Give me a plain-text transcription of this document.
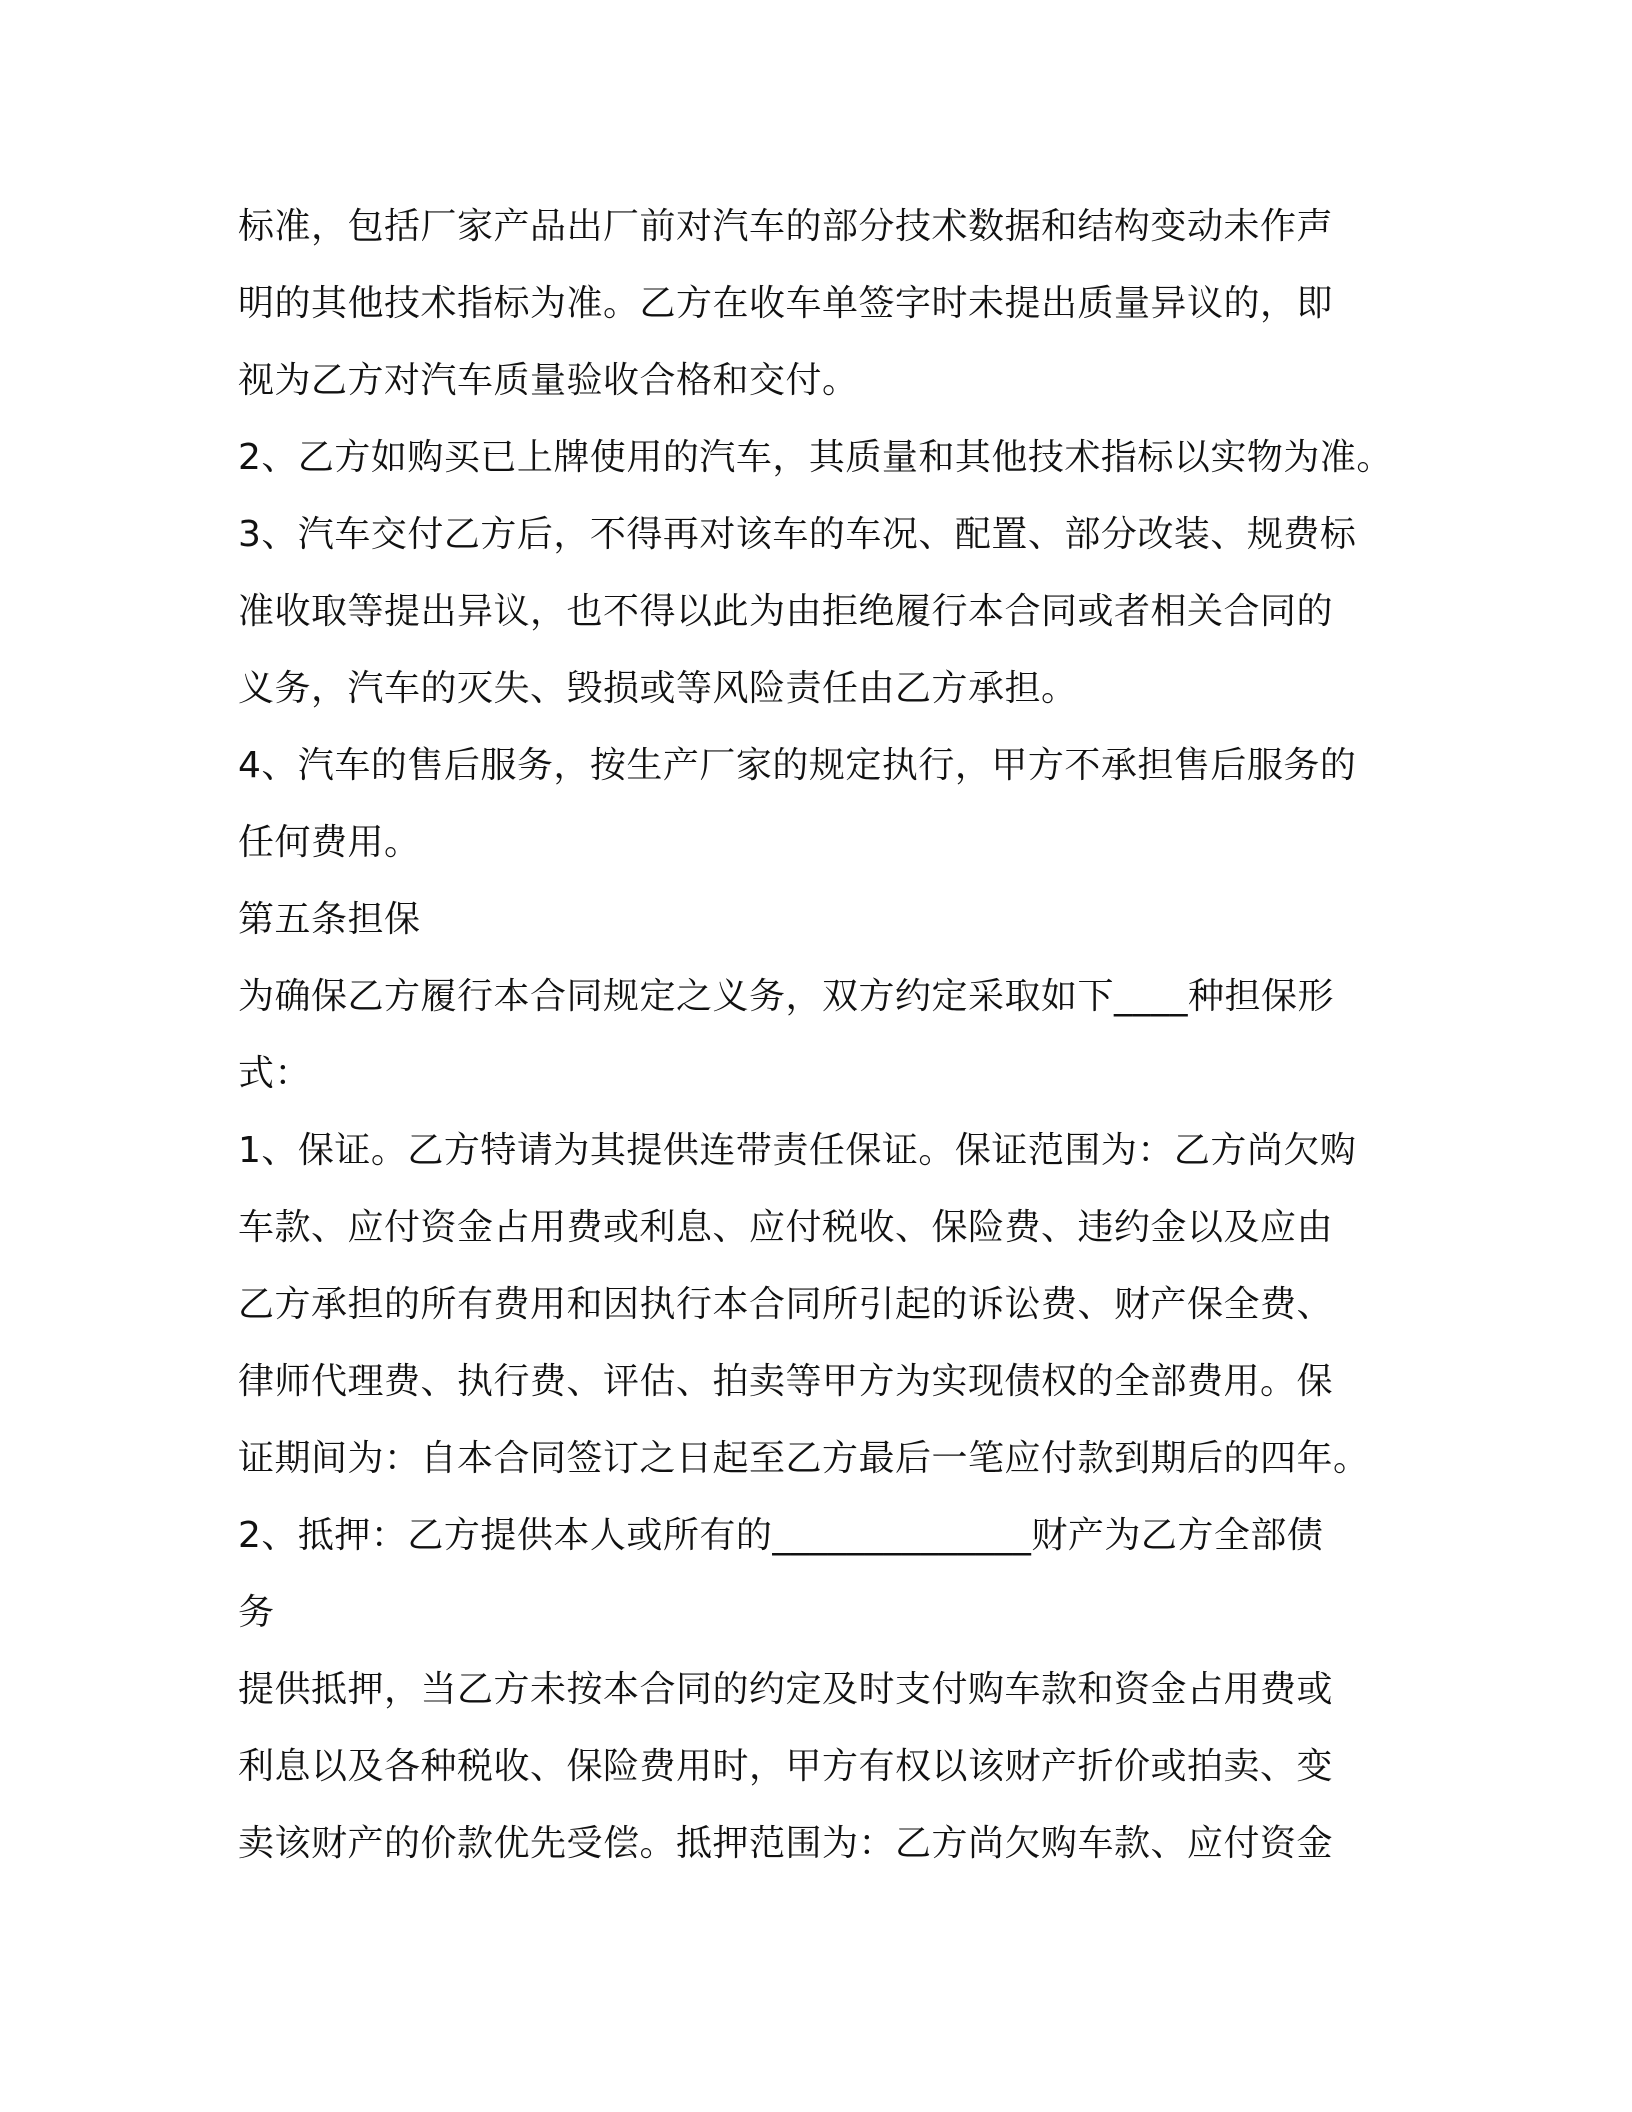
标准，包括厂家产品出厂前对汽车的部分技术数据和结构变动未作声
明的其他技术指标为准。乙方在收车单签字时未提出质量异议的，即
视为乙方对汽车质量验收合格和交付。
2、乙方如购买已上牌使用的汽车，其质量和其他技术指标以实物为准。
3、汽车交付乙方后，不得再对该车的车况、配置、部分改装、规费标
准收取等提出异议，也不得以此为由拒绝履行本合同或者相关合同的
义务，汽车的灭失、毁损或等风险责任由乙方承担。
4、汽车的售后服务，按生产厂家的规定执行，甲方不承担售后服务的
任何费用。
第五条担保
为确保乙方履行本合同规定之义务，双方约定采取如下____种担保形
式：
1、保证。乙方特请为其提供连带责任保证。保证范围为：乙方尚欠购
车款、应付资金占用费或利息、应付税收、保险费、违约金以及应由
乙方承担的所有费用和因执行本合同所引起的诉讼费、财产保全费、
律师代理费、执行费、评估、拍卖等甲方为实现债权的全部费用。保
证期间为：自本合同签订之日起至乙方最后一笔应付款到期后的四年。
2、抵押：乙方提供本人或所有的______________财产为乙方全部债
务
提供抵押，当乙方未按本合同的约定及时支付购车款和资金占用费或
利息以及各种税收、保险费用时，甲方有权以该财产折价或拍卖、变
卖该财产的价款优先受偿。抵押范围为：乙方尚欠购车款、应付资金
